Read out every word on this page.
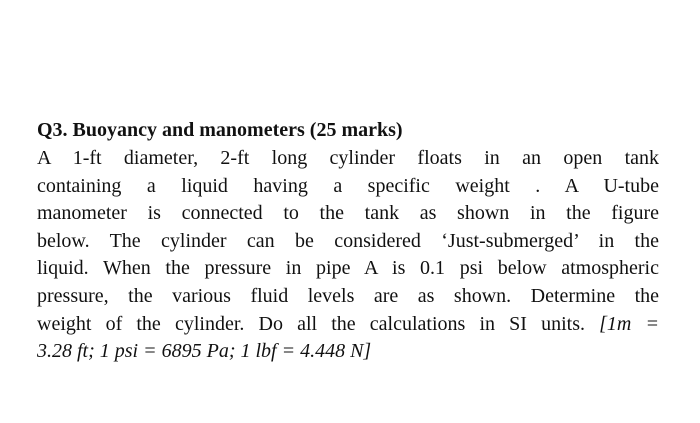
Q3. Buoyancy and manometers (25 marks)
A 1-ft diameter, 2-ft long cylinder floats in an open tank
containing a liquid having a specific weight . A U-tube
manometer is connected to the tank as shown in the figure
below. The cylinder can be considered ‘Just-submerged’ in the
liquid. When the pressure in pipe A is 0.1 psi below atmospheric
pressure, the various fluid levels are as shown. Determine the
weight of the cylinder. Do all the calculations in SI units. [1m =
3.28 ft; 1 psi = 6895 Pa; 1 lbf = 4.448 N]
